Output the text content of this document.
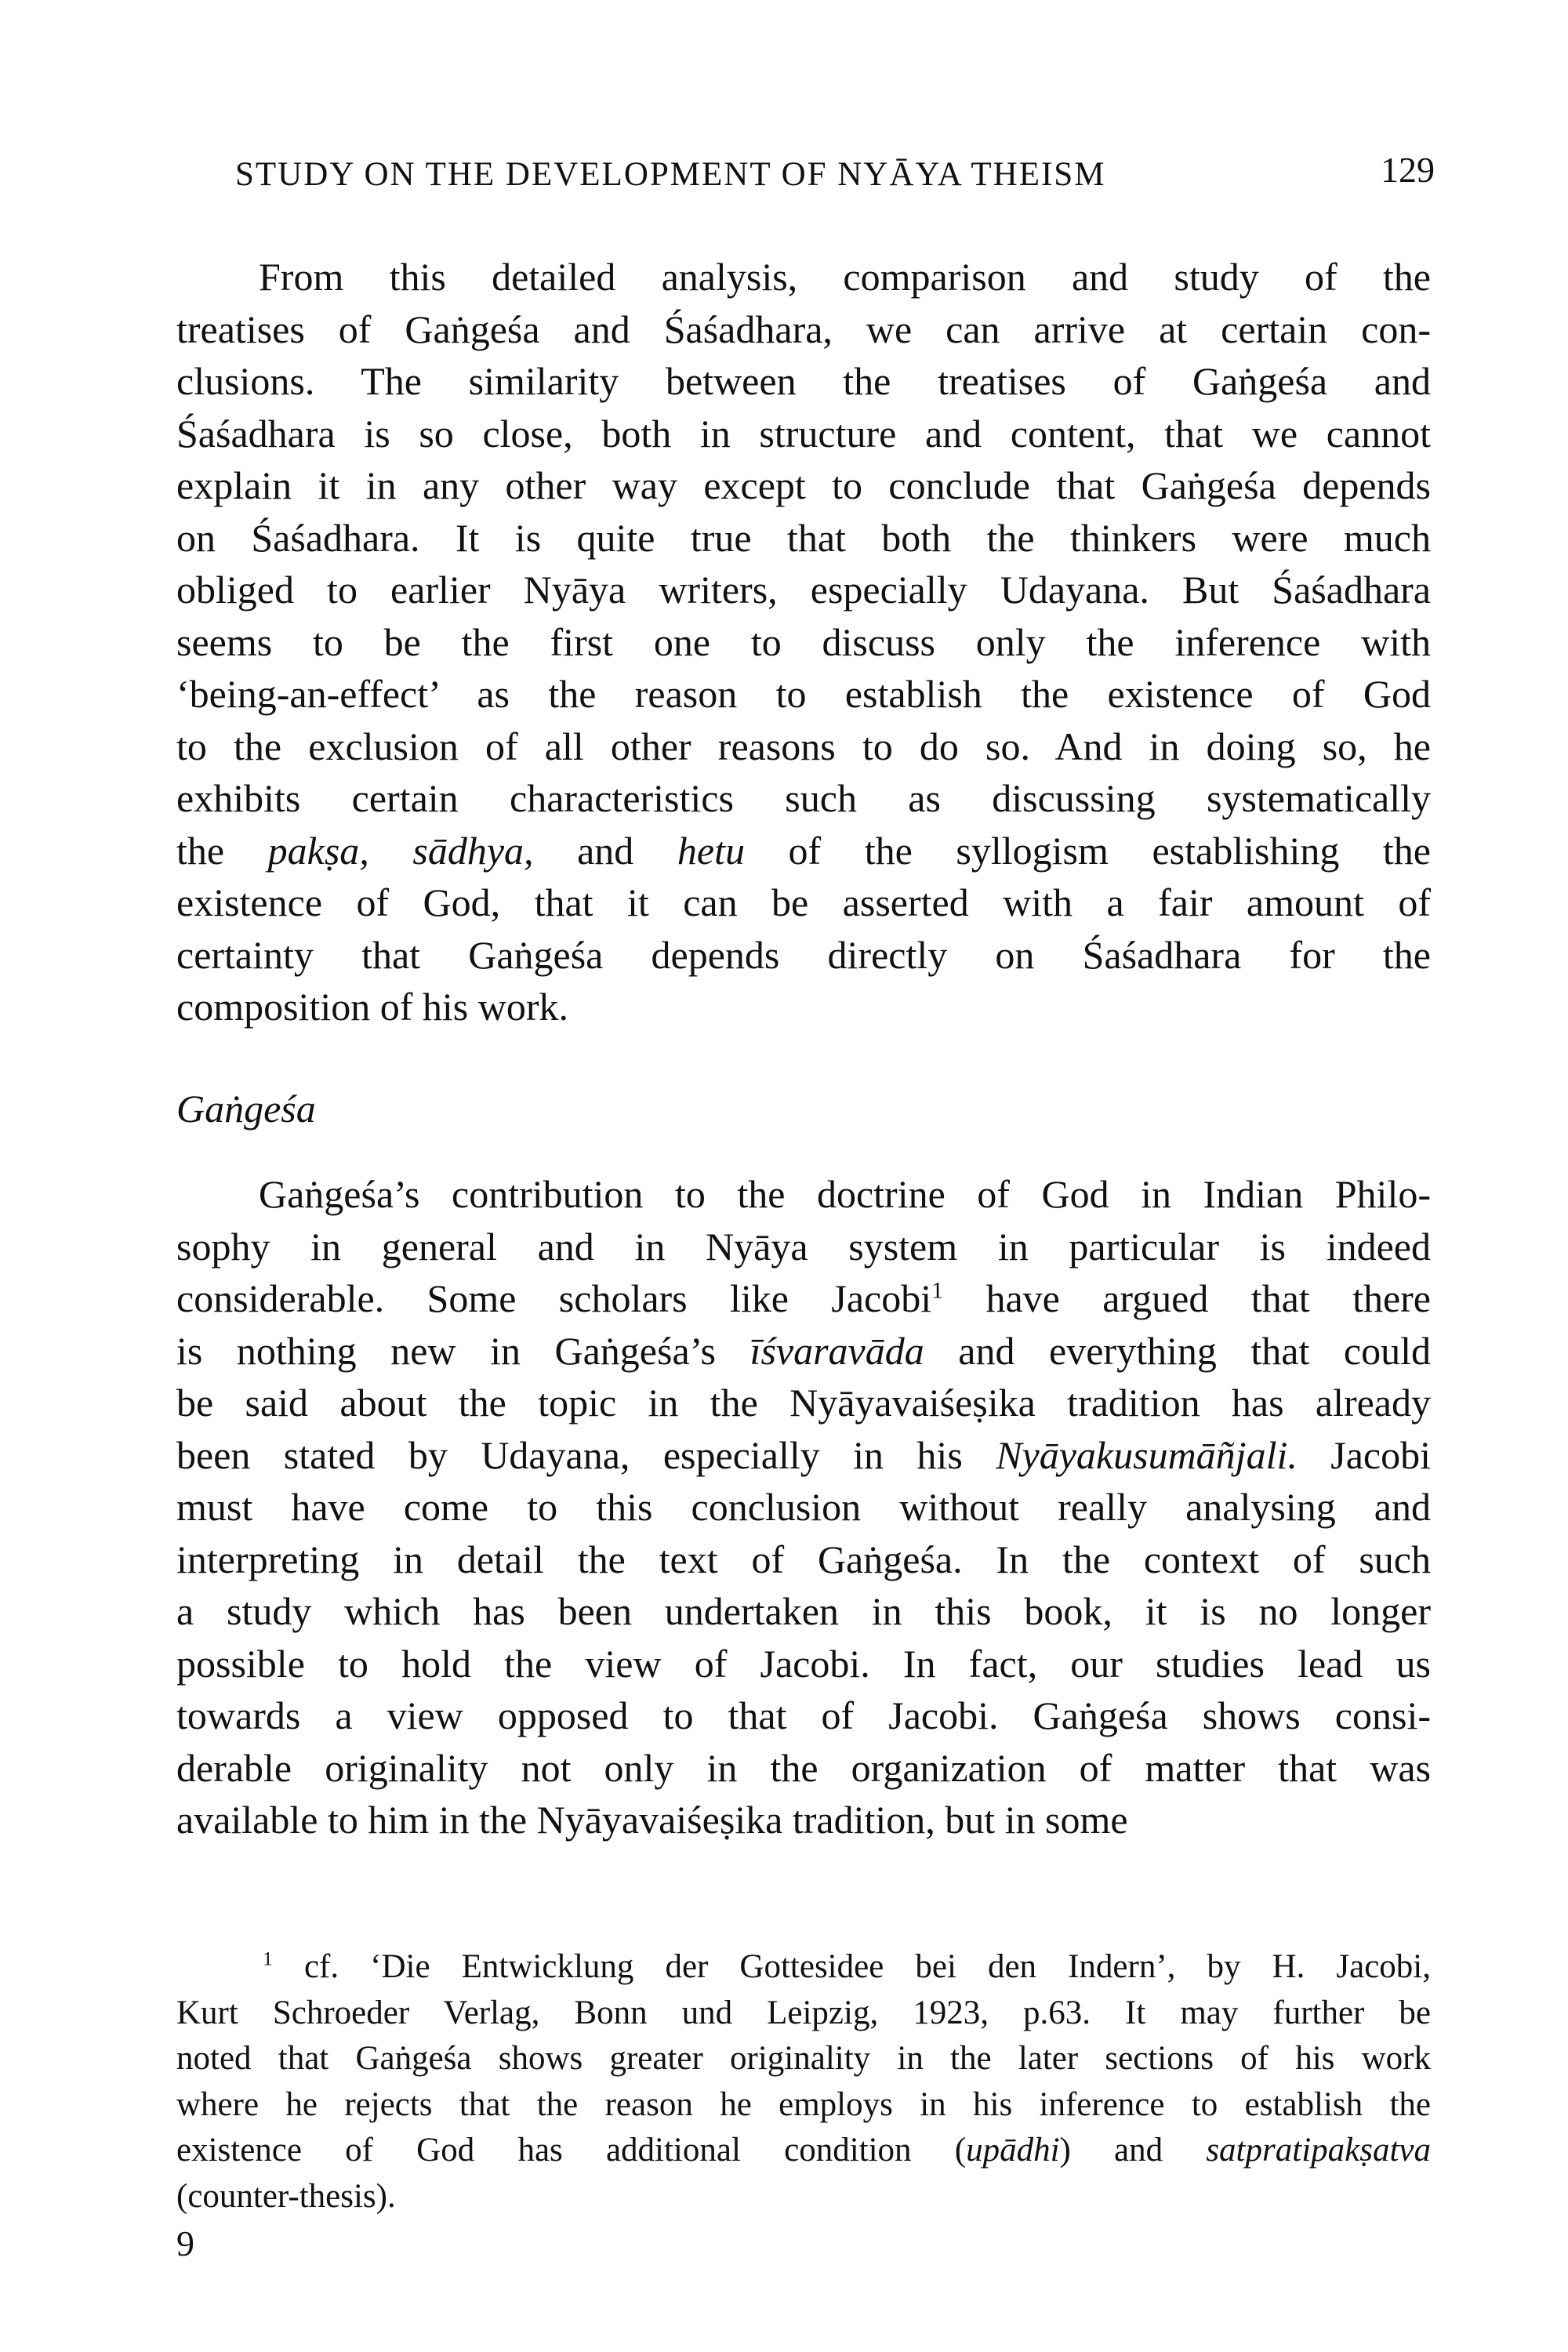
STUDY ON THE DEVELOPMENT OF NYĀYA THEISM	129
From this detailed analysis, comparison and study of the
treatises of Gaṅgeśa and Śaśadhara, we can arrive at certain con-
clusions. The similarity between the treatises of Gaṅgeśa and
Śaśadhara is so close, both in structure and content, that we cannot
explain it in any other way except to conclude that Gaṅgeśa depends
on Śaśadhara. It is quite true that both the thinkers were much
obliged to earlier Nyāya writers, especially Udayana. But Śaśadhara
seems to be the first one to discuss only the inference with
‘being-an-effect’ as the reason to establish the existence of God
to the exclusion of all other reasons to do so. And in doing so, he
exhibits certain characteristics such as discussing systematically
the pakṣa, sādhya, and hetu of the syllogism establishing the
existence of God, that it can be asserted with a fair amount of
certainty that Gaṅgeśa depends directly on Śaśadhara for the
composition of his work.
Gaṅgeśa
Gaṅgeśa’s contribution to the doctrine of God in Indian Philo-
sophy in general and in Nyāya system in particular is indeed
considerable. Some scholars like Jacobi$^1$ have argued that there
is nothing new in Gaṅgeśa’s īśvaravāda and everything that could
be said about the topic in the Nyāyavaiśeṣika tradition has already
been stated by Udayana, especially in his Nyāyakusumāñjali. Jacobi
must have come to this conclusion without really analysing and
interpreting in detail the text of Gaṅgeśa. In the context of such
a study which has been undertaken in this book, it is no longer
possible to hold the view of Jacobi. In fact, our studies lead us
towards a view opposed to that of Jacobi. Gaṅgeśa shows consi-
derable originality not only in the organization of matter that was
available to him in the Nyāyavaiśeṣika tradition, but in some
$^1$ cf. ‘Die Entwicklung der Gottesidee bei den Indern’, by H. Jacobi,
Kurt Schroeder Verlag, Bonn und Leipzig, 1923, p.63. It may further be
noted that Gaṅgeśa shows greater originality in the later sections of his work
where he rejects that the reason he employs in his inference to establish the
existence of God has additional condition (upādhi) and satpratipakṣatva
(counter-thesis).
9
